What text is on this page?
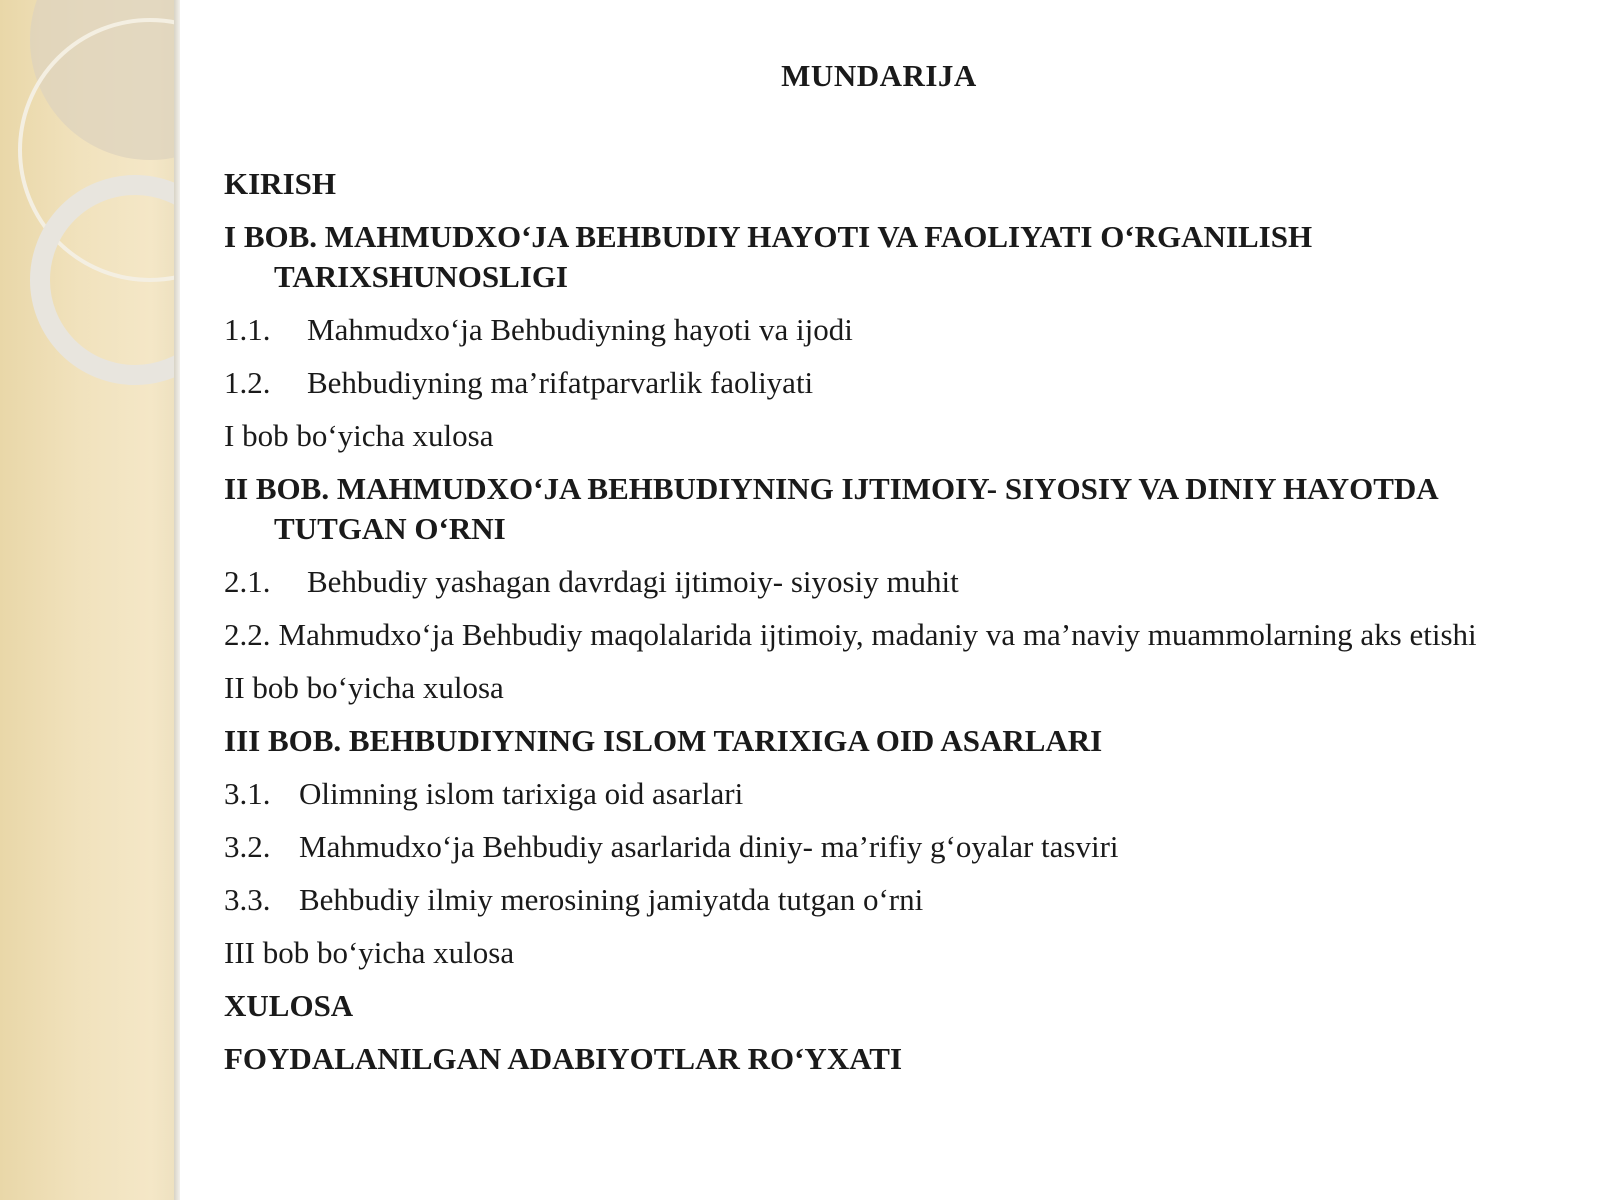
MUNDARIJA
KIRISH
I BOB. MAHMUDXO‘JA BEHBUDIY HAYOTI VA FAOLIYATI O‘RGANILISH TARIXSHUNOSLIGI
1.1. Mahmudxo‘ja Behbudiyning hayoti va ijodi
1.2. Behbudiyning ma’rifatparvarlik faoliyati
I bob bo‘yicha xulosa
II BOB. MAHMUDXO‘JA BEHBUDIYNING IJTIMOIY- SIYOSIY VA DINIY HAYOTDA TUTGAN O‘RNI
2.1. Behbudiy yashagan davrdagi ijtimoiy- siyosiy muhit
2.2. Mahmudxo‘ja Behbudiy maqolalarida ijtimoiy, madaniy va ma’naviy muammolarning aks etishi
II bob bo‘yicha xulosa
III BOB. BEHBUDIYNING ISLOM TARIXIGA OID ASARLARI
3.1. Olimning islom tarixiga oid asarlari
3.2. Mahmudxo‘ja Behbudiy asarlarida diniy- ma’rifiy g‘oyalar tasviri
3.3. Behbudiy ilmiy merosining jamiyatda tutgan o‘rni
III bob bo‘yicha xulosa
XULOSA
FOYDALANILGAN ADABIYOTLAR RO‘YXATI
